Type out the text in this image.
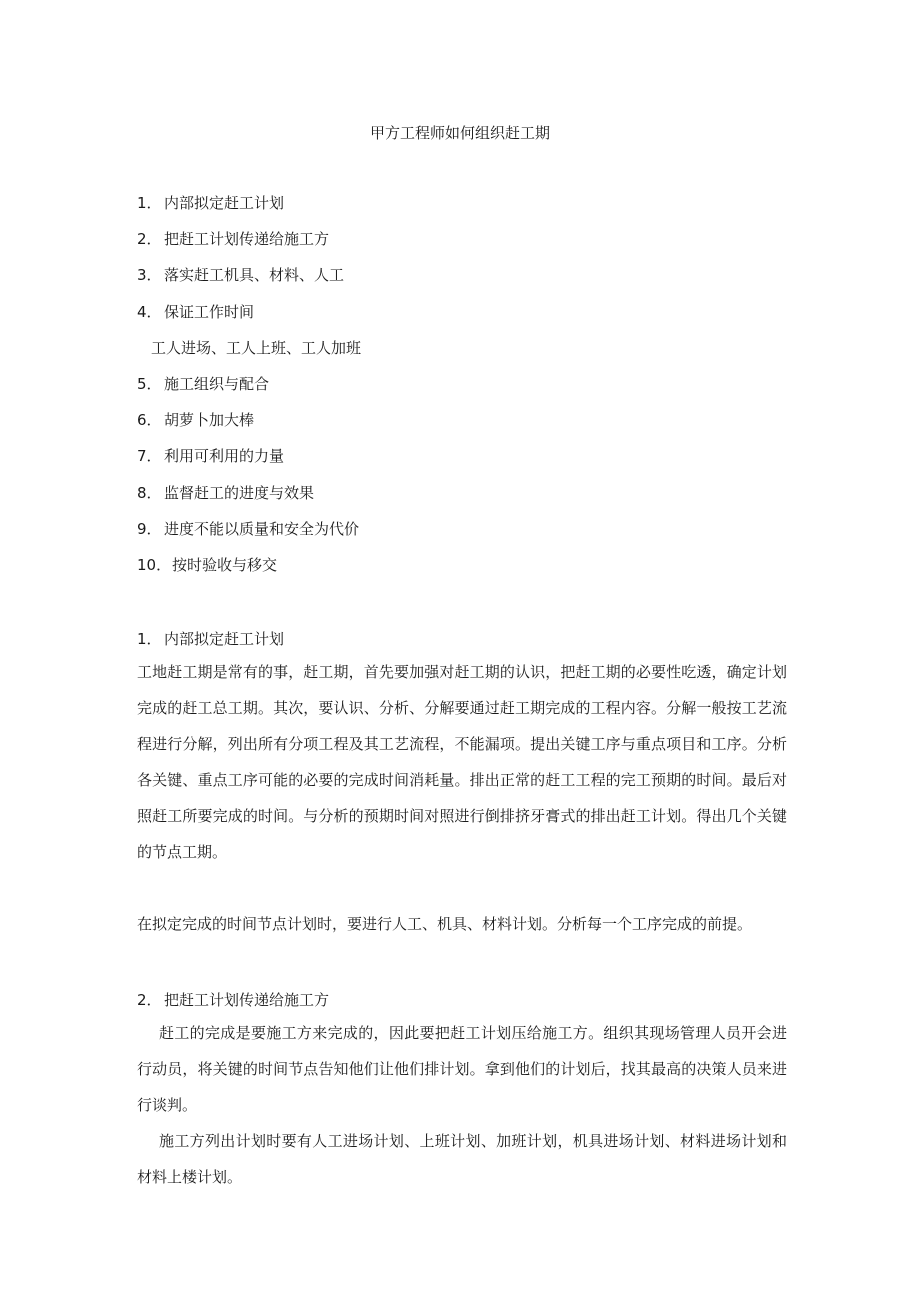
甲方工程师如何组织赶工期
1． 内部拟定赶工计划
2． 把赶工计划传递给施工方
3． 落实赶工机具、材料、人工
4． 保证工作时间
工人进场、工人上班、工人加班
5． 施工组织与配合
6． 胡萝卜加大棒
7． 利用可利用的力量
8． 监督赶工的进度与效果
9． 进度不能以质量和安全为代价
10．按时验收与移交
1． 内部拟定赶工计划

工地赶工期是常有的事，赶工期，首先要加强对赶工期的认识，把赶工期的必要性吃透，确定计划完成的赶工总工期。其次，要认识、分析、分解要通过赶工期完成的工程内容。分解一般按工艺流程进行分解，列出所有分项工程及其工艺流程，不能漏项。提出关键工序与重点项目和工序。分析各关键、重点工序可能的必要的完成时间消耗量。排出正常的赶工工程的完工预期的时间。最后对照赶工所要完成的时间。与分析的预期时间对照进行倒排挤牙膏式的排出赶工计划。得出几个关键的节点工期。

在拟定完成的时间节点计划时，要进行人工、机具、材料计划。分析每一个工序完成的前提。

2． 把赶工计划传递给施工方

赶工的完成是要施工方来完成的，因此要把赶工计划压给施工方。组织其现场管理人员开会进行动员，将关键的时间节点告知他们让他们排计划。拿到他们的计划后，找其最高的决策人员来进行谈判。

施工方列出计划时要有人工进场计划、上班计划、加班计划，机具进场计划、材料进场计划和材料上楼计划。
